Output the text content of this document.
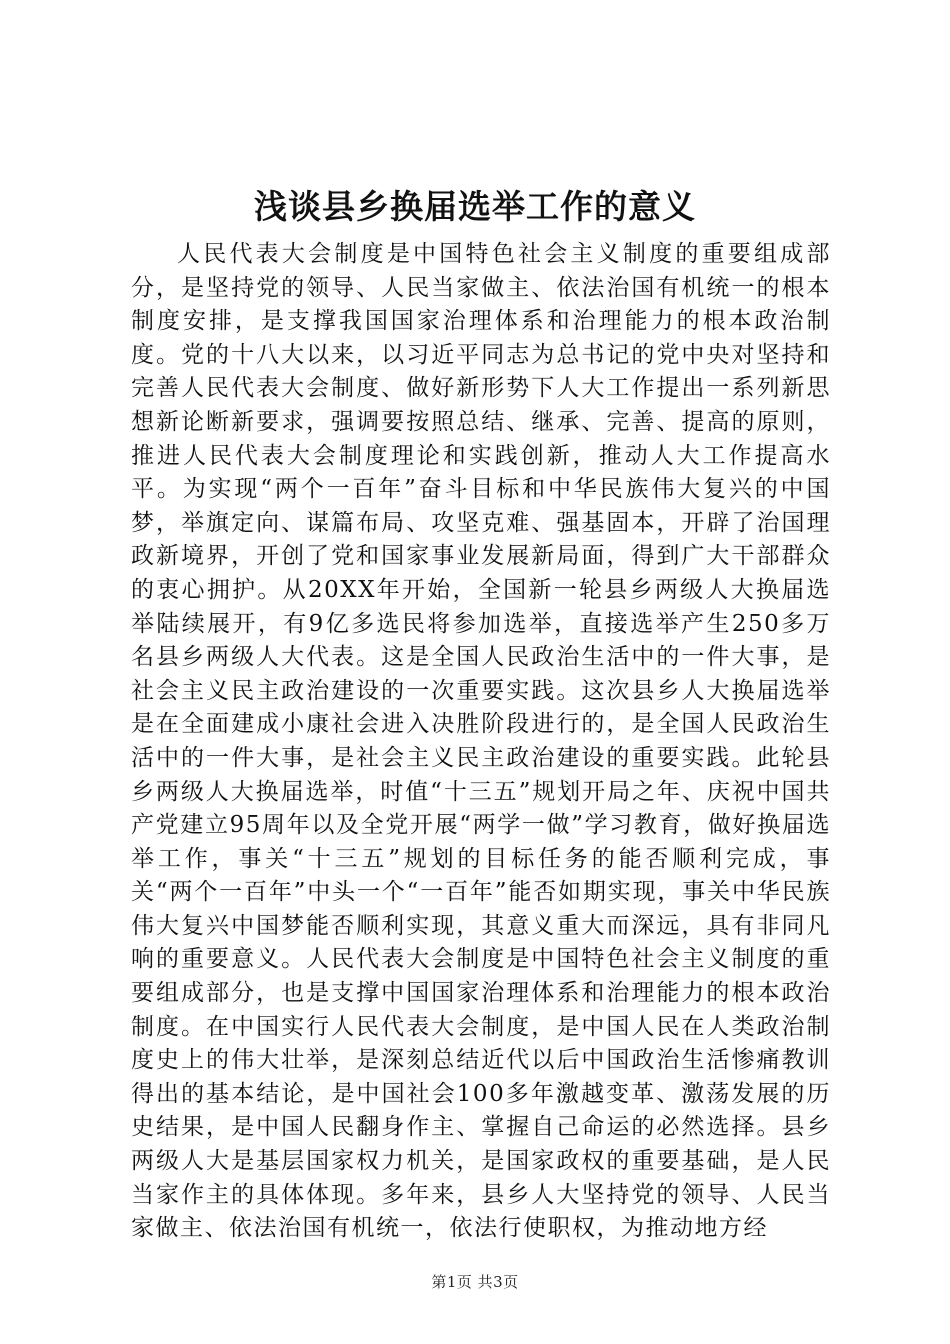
浅谈县乡换届选举工作的意义

人民代表大会制度是中国特色社会主义制度的重要组成部分，是坚持党的领导、人民当家做主、依法治国有机统一的根本制度安排，是支撑我国国家治理体系和治理能力的根本政治制度。党的十八大以来，以习近平同志为总书记的党中央对坚持和完善人民代表大会制度、做好新形势下人大工作提出一系列新思想新论断新要求，强调要按照总结、继承、完善、提高的原则，推进人民代表大会制度理论和实践创新，推动人大工作提高水平。为实现“两个一百年”奋斗目标和中华民族伟大复兴的中国梦，举旗定向、谋篇布局、攻坚克难、强基固本，开辟了治国理政新境界，开创了党和国家事业发展新局面，得到广大干部群众的衷心拥护。从20XX年开始，全国新一轮县乡两级人大换届选举陆续展开，有9亿多选民将参加选举，直接选举产生250多万名县乡两级人大代表。这是全国人民政治生活中的一件大事，是社会主义民主政治建设的一次重要实践。这次县乡人大换届选举是在全面建成小康社会进入决胜阶段进行的，是全国人民政治生活中的一件大事，是社会主义民主政治建设的重要实践。此轮县乡两级人大换届选举，时值“十三五”规划开局之年、庆祝中国共产党建立95周年以及全党开展“两学一做”学习教育，做好换届选举工作，事关“十三五”规划的目标任务的能否顺利完成，事关“两个一百年”中头一个“一百年”能否如期实现，事关中华民族伟大复兴中国梦能否顺利实现，其意义重大而深远，具有非同凡响的重要意义。人民代表大会制度是中国特色社会主义制度的重要组成部分，也是支撑中国国家治理体系和治理能力的根本政治制度。在中国实行人民代表大会制度，是中国人民在人类政治制度史上的伟大壮举，是深刻总结近代以后中国政治生活惨痛教训得出的基本结论，是中国社会100多年激越变革、激荡发展的历史结果，是中国人民翻身作主、掌握自己命运的必然选择。县乡两级人大是基层国家权力机关，是国家政权的重要基础，是人民当家作主的具体体现。多年来，县乡人大坚持党的领导、人民当家做主、依法治国有机统一，依法行使职权，为推动地方经

第1页 共3页
